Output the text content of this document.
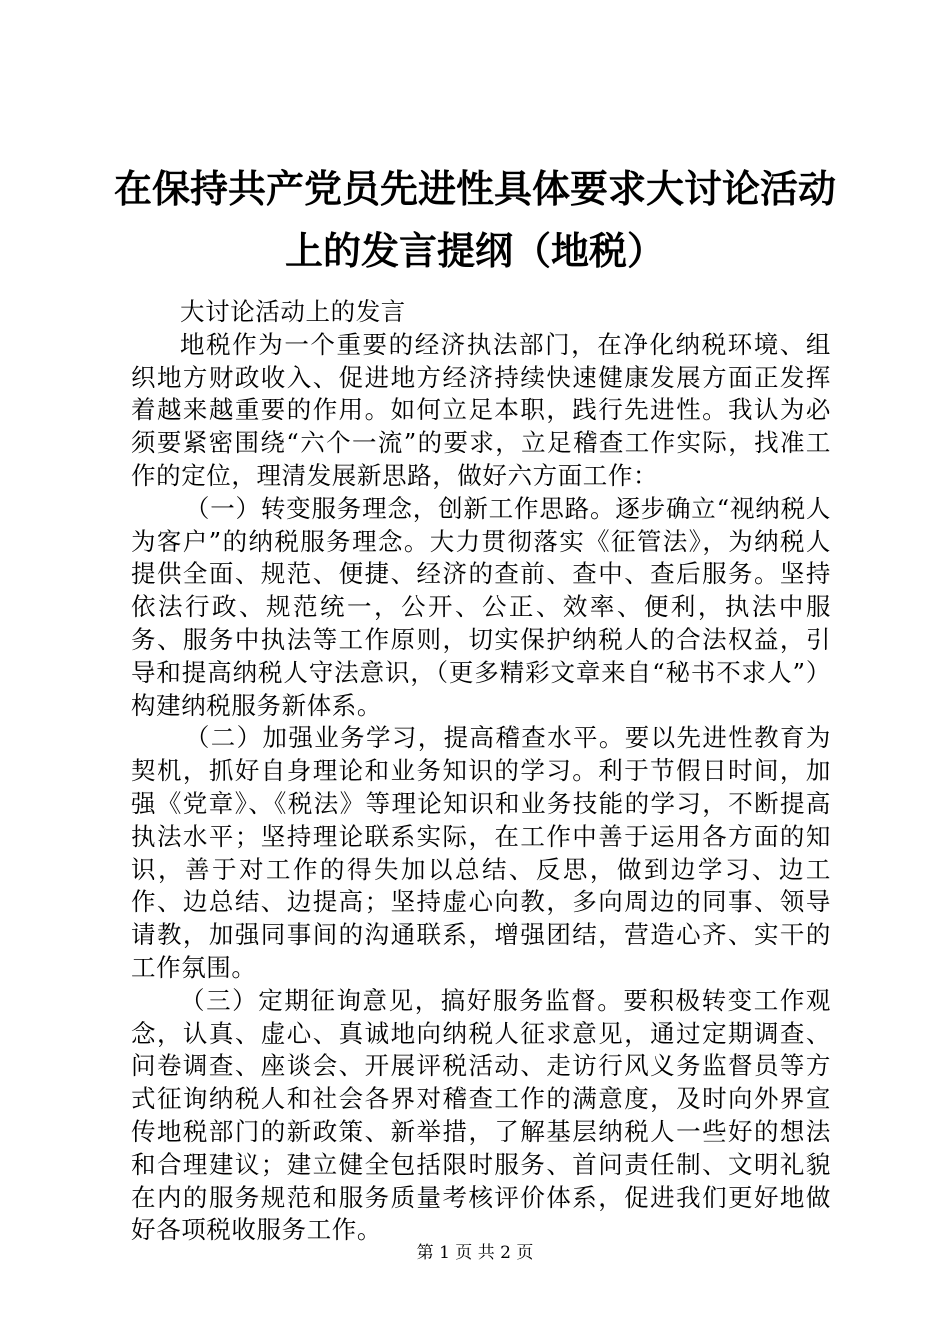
在保持共产党员先进性具体要求大讨论活动上的发言提纲（地税）

大讨论活动上的发言

地税作为一个重要的经济执法部门，在净化纳税环境、组织地方财政收入、促进地方经济持续快速健康发展方面正发挥着越来越重要的作用。如何立足本职，践行先进性。我认为必须要紧密围绕“六个一流”的要求，立足稽查工作实际，找准工作的定位，理清发展新思路，做好六方面工作：

（一）转变服务理念，创新工作思路。逐步确立“视纳税人为客户”的纳税服务理念。大力贯彻落实《征管法》，为纳税人提供全面、规范、便捷、经济的查前、查中、查后服务。坚持依法行政、规范统一，公开、公正、效率、便利，执法中服务、服务中执法等工作原则，切实保护纳税人的合法权益，引导和提高纳税人守法意识，（更多精彩文章来自“秘书不求人”）构建纳税服务新体系。

（二）加强业务学习，提高稽查水平。要以先进性教育为契机，抓好自身理论和业务知识的学习。利于节假日时间，加强《党章》、《税法》等理论知识和业务技能的学习，不断提高执法水平；坚持理论联系实际，在工作中善于运用各方面的知识，善于对工作的得失加以总结、反思，做到边学习、边工作、边总结、边提高；坚持虚心向教，多向周边的同事、领导请教，加强同事间的沟通联系，增强团结，营造心齐、实干的工作氛围。

（三）定期征询意见，搞好服务监督。要积极转变工作观念，认真、虚心、真诚地向纳税人征求意见，通过定期调查、问卷调查、座谈会、开展评税活动、走访行风义务监督员等方式征询纳税人和社会各界对稽查工作的满意度，及时向外界宣传地税部门的新政策、新举措，了解基层纳税人一些好的想法和合理建议；建立健全包括限时服务、首问责任制、文明礼貌在内的服务规范和服务质量考核评价体系，促进我们更好地做好各项税收服务工作。

第 1 页 共 2 页
